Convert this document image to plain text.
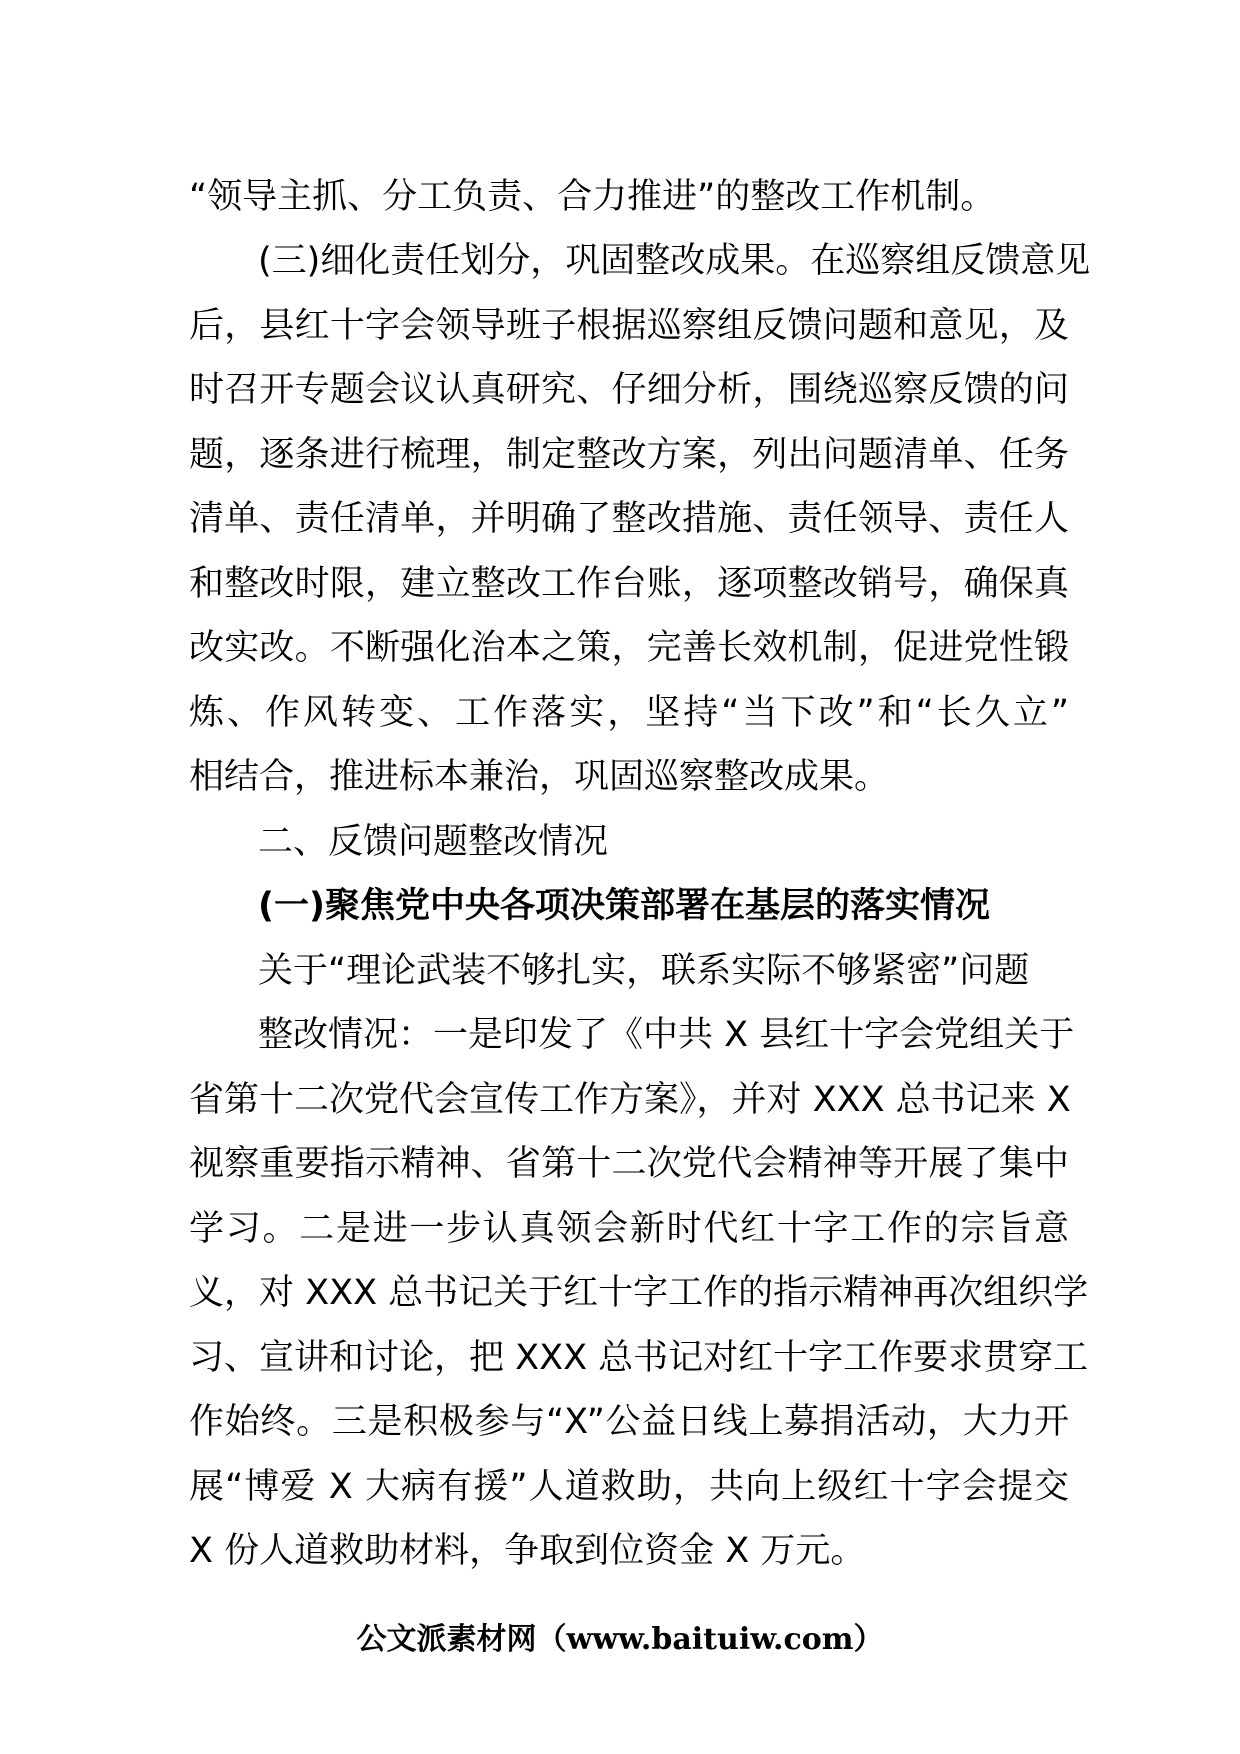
“领导主抓、分工负责、合力推进”的整改工作机制。
(三)细化责任划分，巩固整改成果。在巡察组反馈意见
后，县红十字会领导班子根据巡察组反馈问题和意见，及
时召开专题会议认真研究、仔细分析，围绕巡察反馈的问
题，逐条进行梳理，制定整改方案，列出问题清单、任务
清单、责任清单，并明确了整改措施、责任领导、责任人
和整改时限，建立整改工作台账，逐项整改销号，确保真
改实改。不断强化治本之策，完善长效机制，促进党性锻
炼、作风转变、工作落实，坚持“当下改”和“长久立”
相结合，推进标本兼治，巩固巡察整改成果。
二、反馈问题整改情况
(一)聚焦党中央各项决策部署在基层的落实情况
关于“理论武装不够扎实，联系实际不够紧密”问题
整改情况：一是印发了《中共 X 县红十字会党组关于
省第十二次党代会宣传工作方案》，并对 XXX 总书记来 X
视察重要指示精神、省第十二次党代会精神等开展了集中
学习。二是进一步认真领会新时代红十字工作的宗旨意
义，对 XXX 总书记关于红十字工作的指示精神再次组织学
习、宣讲和讨论，把 XXX 总书记对红十字工作要求贯穿工
作始终。三是积极参与“X”公益日线上募捐活动，大力开
展“博爱 X 大病有援”人道救助，共向上级红十字会提交
X 份人道救助材料，争取到位资金 X 万元。
公文派素材网（www.baituiw.com）
